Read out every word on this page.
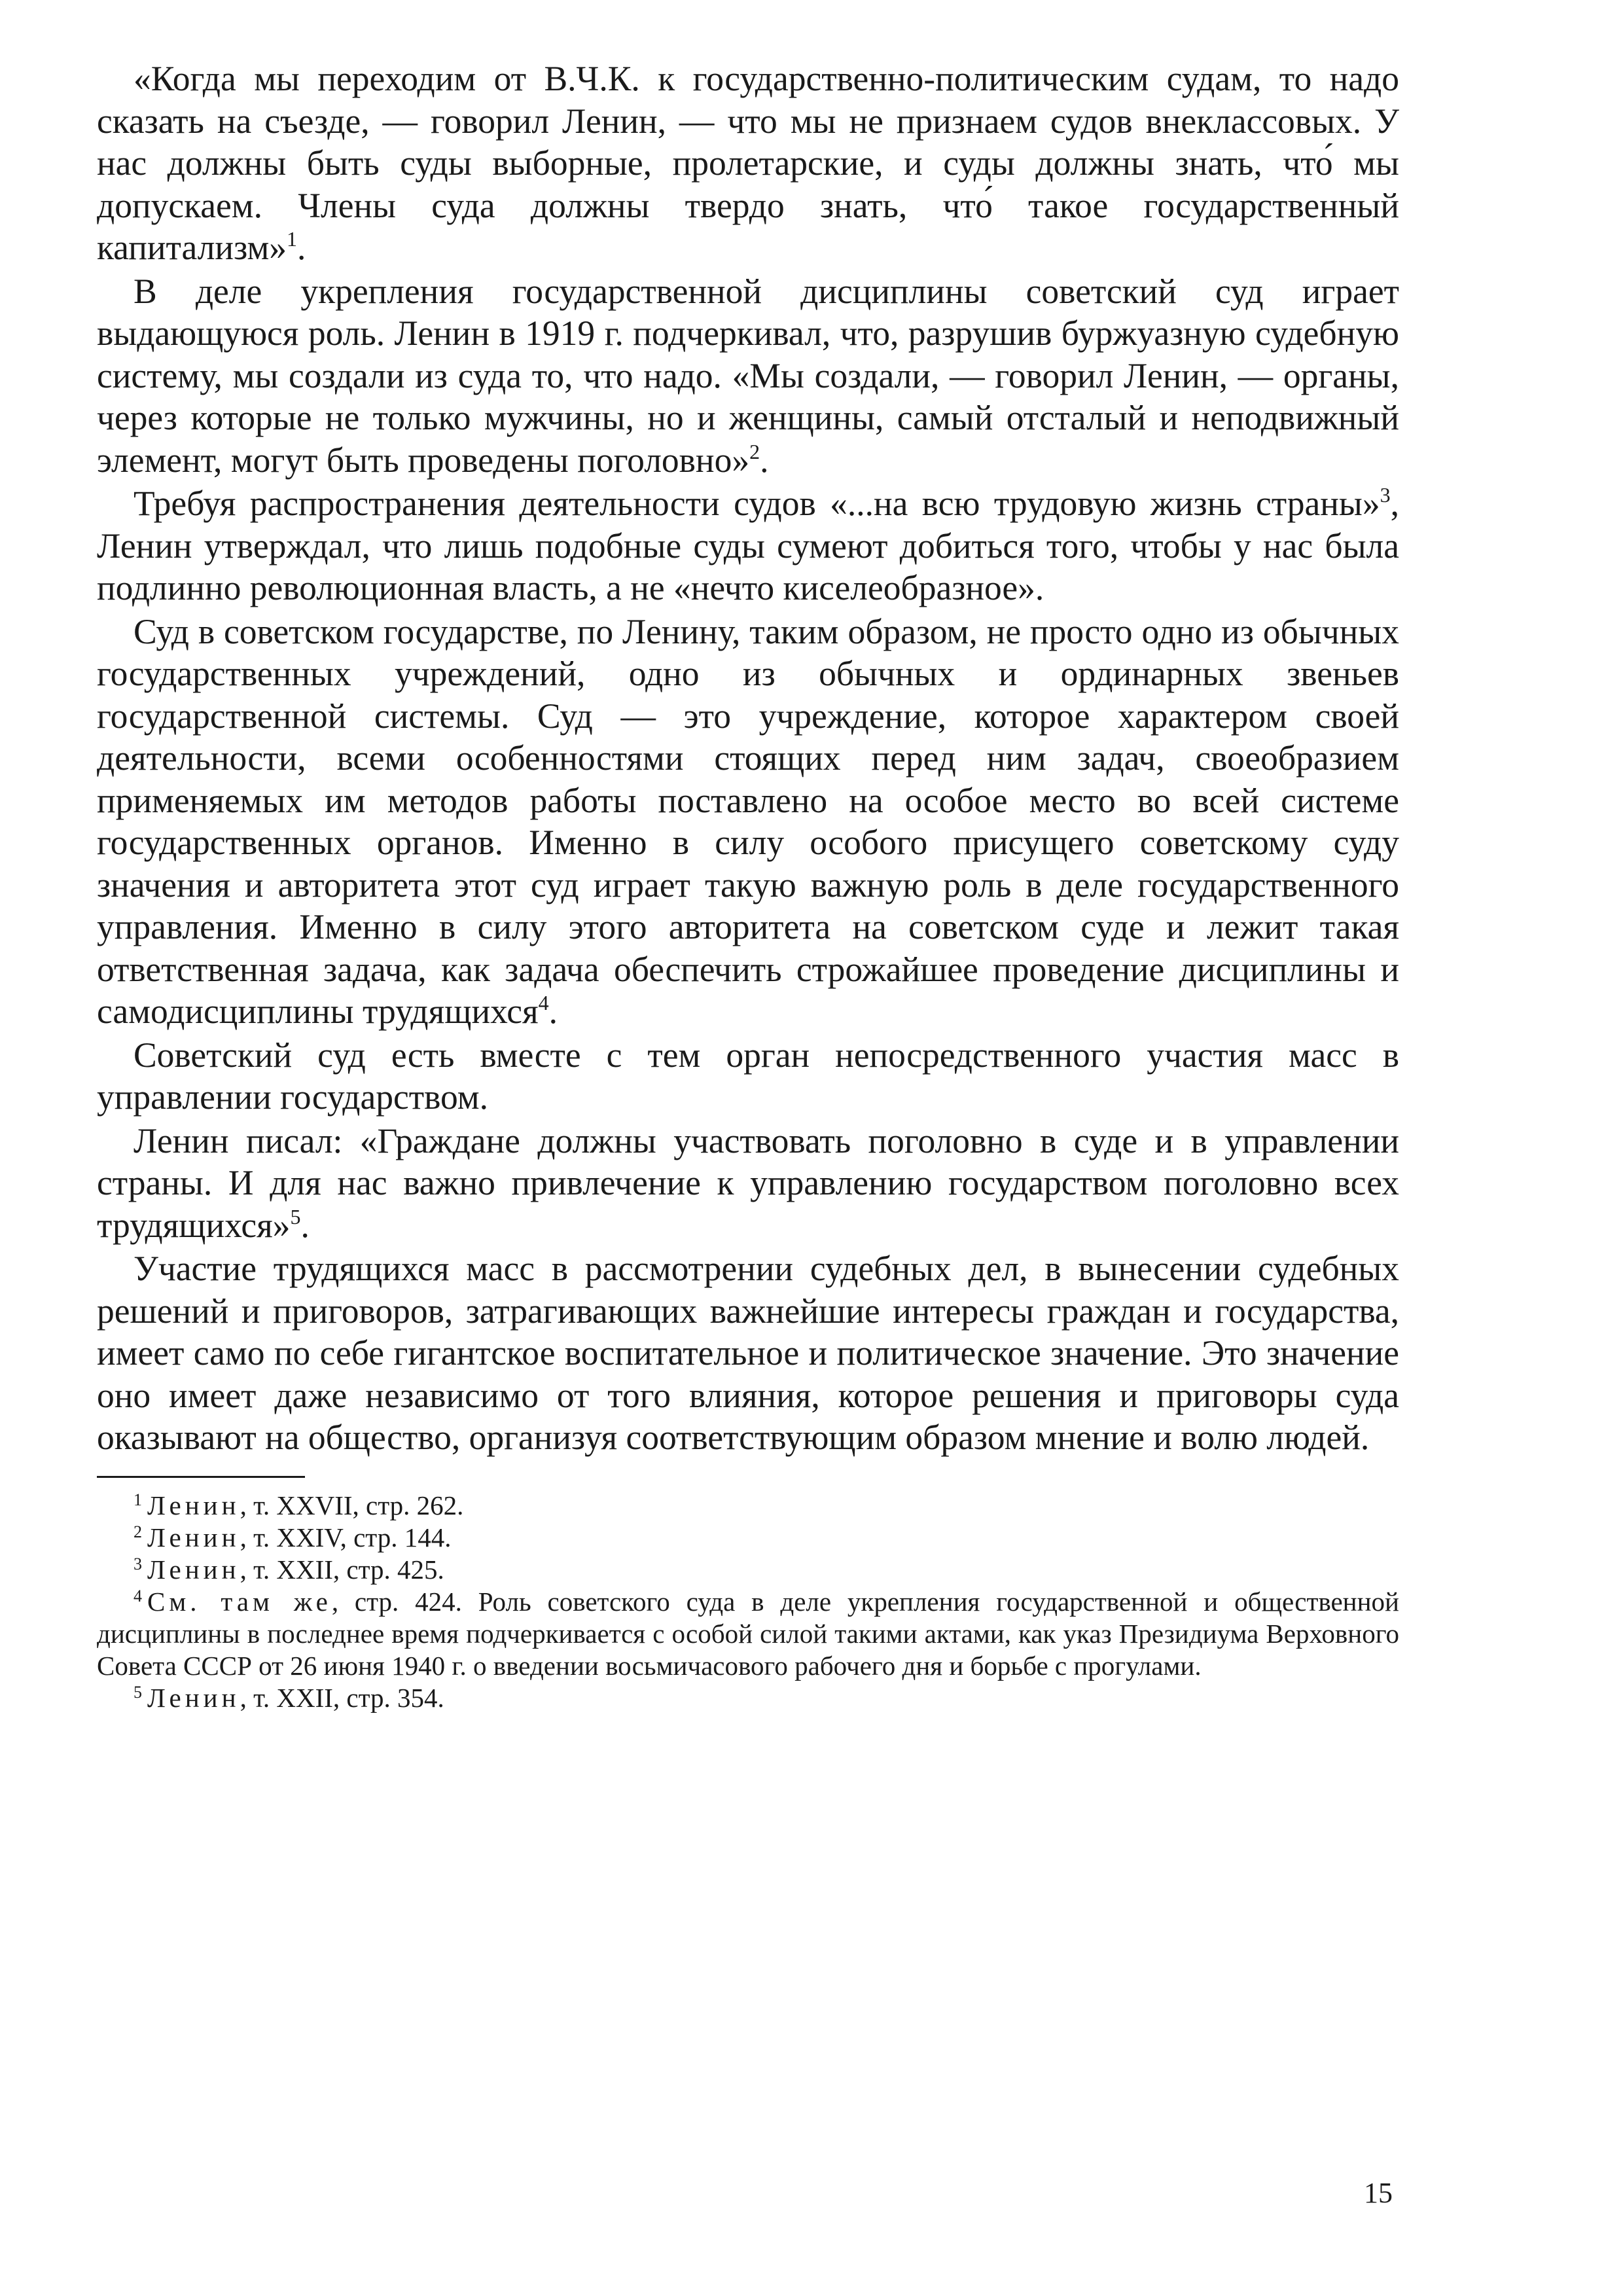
«Когда мы переходим от В.Ч.К. к государственно-политическим судам, то надо сказать на съезде, — говорил Ленин, — что мы не признаем судов внеклассовых. У нас должны быть суды выборные, пролетарские, и суды должны знать, что́ мы допускаем. Члены суда должны твердо знать, что́ такое государственный капитализм»$^1$.

В деле укрепления государственной дисциплины советский суд играет выдающуюся роль. Ленин в 1919 г. подчеркивал, что, разрушив буржуазную судебную систему, мы создали из суда то, что надо. «Мы создали, — говорил Ленин, — органы, через которые не только мужчины, но и женщины, самый отсталый и неподвижный элемент, могут быть проведены поголовно»$^2$.

Требуя распространения деятельности судов «...на всю трудовую жизнь страны»$^3$, Ленин утверждал, что лишь подобные суды сумеют добиться того, чтобы у нас была подлинно революционная власть, а не «нечто киселеобразное».

Суд в советском государстве, по Ленину, таким образом, не просто одно из обычных государственных учреждений, одно из обычных и ординарных звеньев государственной системы. Суд — это учреждение, которое характером своей деятельности, всеми особенностями стоящих перед ним задач, своеобразием применяемых им методов работы поставлено на особое место во всей системе государственных органов. Именно в силу особого присущего советскому суду значения и авторитета этот суд играет такую важную роль в деле государственного управления. Именно в силу этого авторитета на советском суде и лежит такая ответственная задача, как задача обеспечить строжайшее проведение дисциплины и самодисциплины трудящихся$^4$.

Советский суд есть вместе с тем орган непосредственного участия масс в управлении государством.

Ленин писал: «Граждане должны участвовать поголовно в суде и в управлении страны. И для нас важно привлечение к управлению государством поголовно всех трудящихся»$^5$.

Участие трудящихся масс в рассмотрении судебных дел, в вынесении судебных решений и приговоров, затрагивающих важнейшие интересы граждан и государства, имеет само по себе гигантское воспитательное и политическое значение. Это значение оно имеет даже независимо от того влияния, которое решения и приговоры суда оказывают на общество, организуя соответствующим образом мнение и волю людей.

$^1$ Ленин, т. XXVII, стр. 262.

$^2$ Ленин, т. XXIV, стр. 144.

$^3$ Ленин, т. XXII, стр. 425.

$^4$ См. там же, стр. 424. Роль советского суда в деле укрепления государственной и общественной дисциплины в последнее время подчеркивается с особой силой такими актами, как указ Президиума Верховного Совета СССР от 26 июня 1940 г. о введении восьмичасового рабочего дня и борьбе с прогулами.

$^5$ Ленин, т. XXII, стр. 354.

15
